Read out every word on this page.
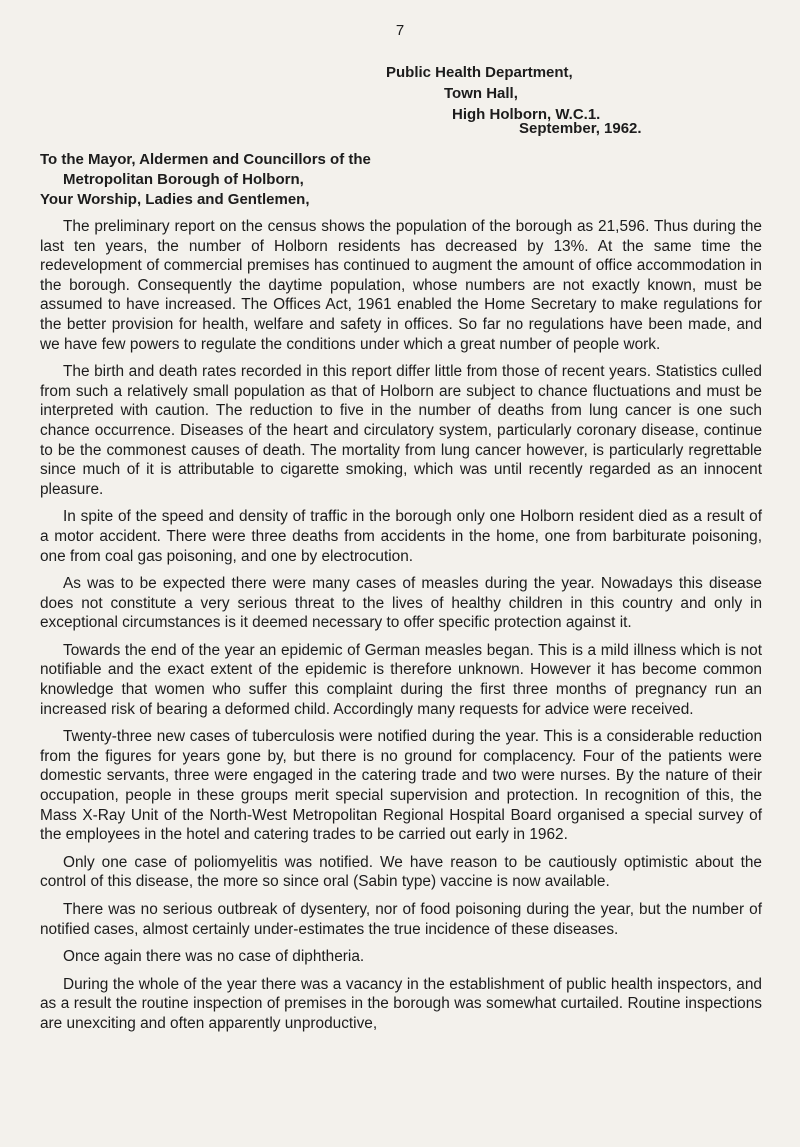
7
Public Health Department,
Town Hall,
High Holborn, W.C.1.
September, 1962.
To the Mayor, Aldermen and Councillors of the
Metropolitan Borough of Holborn,
Your Worship, Ladies and Gentlemen,

The preliminary report on the census shows the population of the borough as 21,596. Thus during the last ten years, the number of Holborn residents has decreased by 13%. At the same time the redevelopment of commercial premises has continued to augment the amount of office accommodation in the borough. Consequently the daytime population, whose numbers are not exactly known, must be assumed to have increased. The Offices Act, 1961 enabled the Home Secretary to make regulations for the better provision for health, welfare and safety in offices. So far no regulations have been made, and we have few powers to regulate the conditions under which a great number of people work.

The birth and death rates recorded in this report differ little from those of recent years. Statistics culled from such a relatively small population as that of Holborn are subject to chance fluctuations and must be interpreted with caution. The reduction to five in the number of deaths from lung cancer is one such chance occurrence. Diseases of the heart and circulatory system, particularly coronary disease, continue to be the commonest causes of death. The mortality from lung cancer however, is particularly regrettable since much of it is attributable to cigarette smoking, which was until recently regarded as an innocent pleasure.

In spite of the speed and density of traffic in the borough only one Holborn resident died as a result of a motor accident. There were three deaths from accidents in the home, one from barbiturate poisoning, one from coal gas poisoning, and one by electrocution.

As was to be expected there were many cases of measles during the year. Nowadays this disease does not constitute a very serious threat to the lives of healthy children in this country and only in exceptional circumstances is it deemed necessary to offer specific protection against it.

Towards the end of the year an epidemic of German measles began. This is a mild illness which is not notifiable and the exact extent of the epidemic is therefore unknown. However it has become common knowledge that women who suffer this complaint during the first three months of pregnancy run an increased risk of bearing a deformed child. Accordingly many requests for advice were received.

Twenty-three new cases of tuberculosis were notified during the year. This is a considerable reduction from the figures for years gone by, but there is no ground for complacency. Four of the patients were domestic servants, three were engaged in the catering trade and two were nurses. By the nature of their occupation, people in these groups merit special supervision and protection. In recognition of this, the Mass X-Ray Unit of the North-West Metropolitan Regional Hospital Board organised a special survey of the employees in the hotel and catering trades to be carried out early in 1962.

Only one case of poliomyelitis was notified. We have reason to be cautiously optimistic about the control of this disease, the more so since oral (Sabin type) vaccine is now available.

There was no serious outbreak of dysentery, nor of food poisoning during the year, but the number of notified cases, almost certainly under-estimates the true incidence of these diseases.

Once again there was no case of diphtheria.

During the whole of the year there was a vacancy in the establishment of public health inspectors, and as a result the routine inspection of premises in the borough was somewhat curtailed. Routine inspections are unexciting and often apparently unproductive,
